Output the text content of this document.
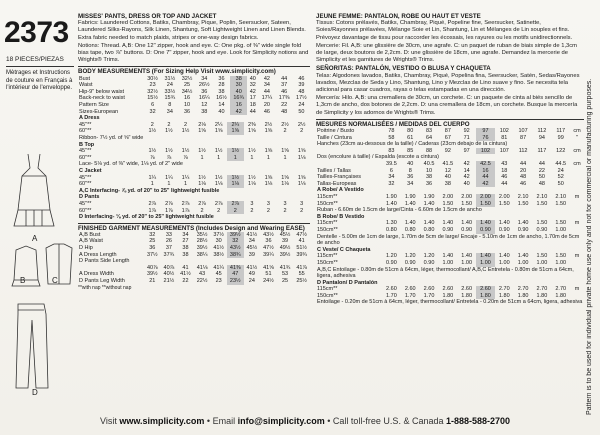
2373
18 PIECES/PIEZAS
Mètrages et Instructions de couture en Français à l'intérieur de l'enveloppe.
A
B	C
D
MISSES' PANTS, DRESS OR TOP AND JACKET
Fabrics: Laundered Cottons, Batiks, Chambray, Pique, Poplin, Seersucker, Sateen, Laundered Silks-Rayons, Silk Linen, Shantung, Soft Lightweight Linen and Linen Blends. Extra fabric needed to match plaids, stripes or one-way design fabrics.
Notions: Thread. A,B: One 12" zipper, hook and eye. C: One pkg. of ⅜" wide single fold bias tape, two ⅞" buttons. D: One 7" zipper, hook and eye. Look for Simplicity notions and Wrights® Trims.
BODY MEASUREMENTS (For Sizing Help Visit www.simplicity.com)
Bust	30½	31½	32½	34	36	38	40	42	44	46
Waist	23	24	25	26½	28	30	32	34	37	39
Hip-9" below waist	32½	33½	34½	36	38	40	42	44	46	48
Back-neck to waist	15½	15¾	16	16¼	16½	16¾	17	17¼	17⅜	17½
Pattern Size	6	8	10	12	14	16	18	20	22	24
Sizes-European	32	34	36	38	40	42	44	46	48	50
A Dress										
45"**	2	2	2	2⅛	2¼	2¼	2⅜	2½	2½	2½
60"**	1½	1½	1½	1⅝	1⅝	1⅝	1⅝	1⅝	2	2
Ribbon- 7½ yd. of ⅝" wide										
B Top										
45"**	1½	1½	1½	1½	1½	1½	1½	1⅝	1⅝	1⅝
60"**	⅞	⅞	⅞	1	1	1	1	1	1	1⅛
Lace- 5⅛ yd. of ⅜" wide, 1⅛ yd. of 2" wide										
C Jacket										
45"**	1¼	1¼	1¼	1½	1½	1½	1½	1⅝	1⅝	1⅝
60"**	1	1	1	1⅛	1⅛	1⅛	1⅛	1⅛	1⅛	1⅛
A,C Interfacing- ⅞ yd. of 20" to 25" lightweight fusible										
D Pants										
45"**	2⅞	2⅞	2⅞	2⅞	2⅞	2⅞	3	3	3	3
60"**	1⅞	1⅞	1⅞	2	2	2	2	2	2	2
D Interfacing- ⅛ yd. of 20" to 25" lightweight fusible										
FINISHED GARMENT MEASUREMENTS (Includes Design and Wearing EASE)
A,B Bust	32	33	34	35½	37½	39½	41½	43½	45½	47½
A,B Waist	25	26	27	28½	30	32	34	36	39	41
D Hip	36	37	38	39½	41½	43½	45½	47½	49½	51½
A Dress Length	37½	37¾	38	38¼	38½	38¾	39	39¼	39½	39¾
D Pants Side Length										
	40⅞	40⅞	41	41⅛	41¼	41⅜	41½	41⅝	41¾	41⅞
A Dress Width	39½	40½	41½	43	45	47	49	51	53	55
D Pants Leg Width	21	21½	22	22½	23	23½	24	24½	25	25½
**with nap **without nap
JEUNE FEMME: PANTALON, ROBE OU HAUT ET VESTE
Tissus: Cotons prélavés, Batiks, Chambray, Piqué, Popeline fine, Seersucker, Satinette, Soies/Rayonnes prélavées, Mélange Soie et Lin, Shantung, Lin et Mélanges de Lin souples et fins. Prévoyez davantage de tissu pour raccorder les écossais, les rayures ou les motifs unidirectionnels.
Mercerie: Fil. A,B: une glissière de 30cm, une agrafe. C: un paquet de ruban de biais simple de 1,3cm de large, deux boutons de 2,2cm. D: une glissière de 18cm, une agrafe. Demandez la mercerie de Simplicity et les garnitures de Wrights® Trims.
SEÑORITAS: PANTALÓN, VESTIDO O BLUSA Y CHAQUETA
Telas: Algodones lavados, Batiks, Chambray, Piqué, Popelina fina, Seersucker, Satén, Sedas/Rayones lavados, Mezclas de Seda y Lino, Shantung, Lino y Mezclas de Lino suave y fino. Se necesita tela adicional para casar cuadros, rayas o telas estampadas en una dirección.
Mercería: Hilo. A,B: una cremallera de 30cm, un corchete. C: un paquete de cinta al biés sencillo de 1,3cm de ancho, dos botones de 2,2cm. D: una cremallera de 18cm, un corchete. Busque la mercería de Simplicity y los adornos de Wrights® Trims.
MESURES NORMALISÉES / MEDIDAS DEL CUERPO
Poitrine / Busto	78	80	83	87	92	97	102	107	112	117	cm
Taille / Cintura	58	61	64	67	71	76	81	87	94	99	"
Hanches (23cm au-dessous de la taille) / Caderas (23cm debajo de la cintura)											
	83	85	88	92	97	102	107	112	117	122	cm
Dos (encolure à taille) / Espalda (escote a cintura)											
	39.5	40	40.5	41.5	42	42.5	43	44	44	44.5	cm
Tailles / Tallas	6	8	10	12	14	16	18	20	22	24	
Tailles-Françaises	34	36	38	40	42	44	46	48	50	52	
Tallas-Europeas	32	34	36	38	40	42	44	46	48	50	
A Robe/ A Vestido											
115cm**	1.90	1.90	1.90	2.00	2.00	2.00	2.00	2.10	2.10	2.10	m
150cm**	1.40	1.40	1.40	1.50	1.50	1.50	1.50	1.50	1.50	1.50	
Ruban - 6.60m de 1.5cm de large/Cinta - 6.60m de 1.5cm de ancho											
B Robe/ B Vestido											
115cm**	1.30	1.40	1.40	1.40	1.40	1.40	1.40	1.40	1.50	1.50	m
150cm**	0.80	0.80	0.80	0.90	0.90	0.90	0.90	0.90	0.90	1.00	
Dentelle - 5.00m de 1cm de large, 1.70m de 5cm de large/ Encaje - 5.10m de 1cm de ancho, 1.70m de 5cm de ancho											
C Veste/ C Chaqueta											
115cm**	1.20	1.20	1.20	1.40	1.40	1.40	1.40	1.40	1.50	1.50	m
150cm**	0.90	0.90	0.90	1.00	1.00	1.00	1.00	1.00	1.00	1.00	
A,B,C Entoilage - 0.80m de 51cm à 64cm, léger, thermocollant/ A,B,C Entretela - 0.80m de 51cm a 64cm, ligera, adhesiva											
D Pantalon/ D Pantalón											
115cm**	2.60	2.60	2.60	2.60	2.60	2.60	2.70	2.70	2.70	2.70	m
150cm**	1.70	1.70	1.70	1.80	1.80	1.80	1.80	1.80	1.80	1.80	
Entoilage - 0.20m de 51cm à 64cm, léger, thermocollant/ Entretela - 0.20m de 51cm a 64cm, ligera, adhesiva											Pattern is to be used for individual private home use only and not for commercial or manufacturing purposes.
Visit www.simplicity.com • Email info@simplicity.com • Call toll-free U.S. & Canada 1-888-588-2700
